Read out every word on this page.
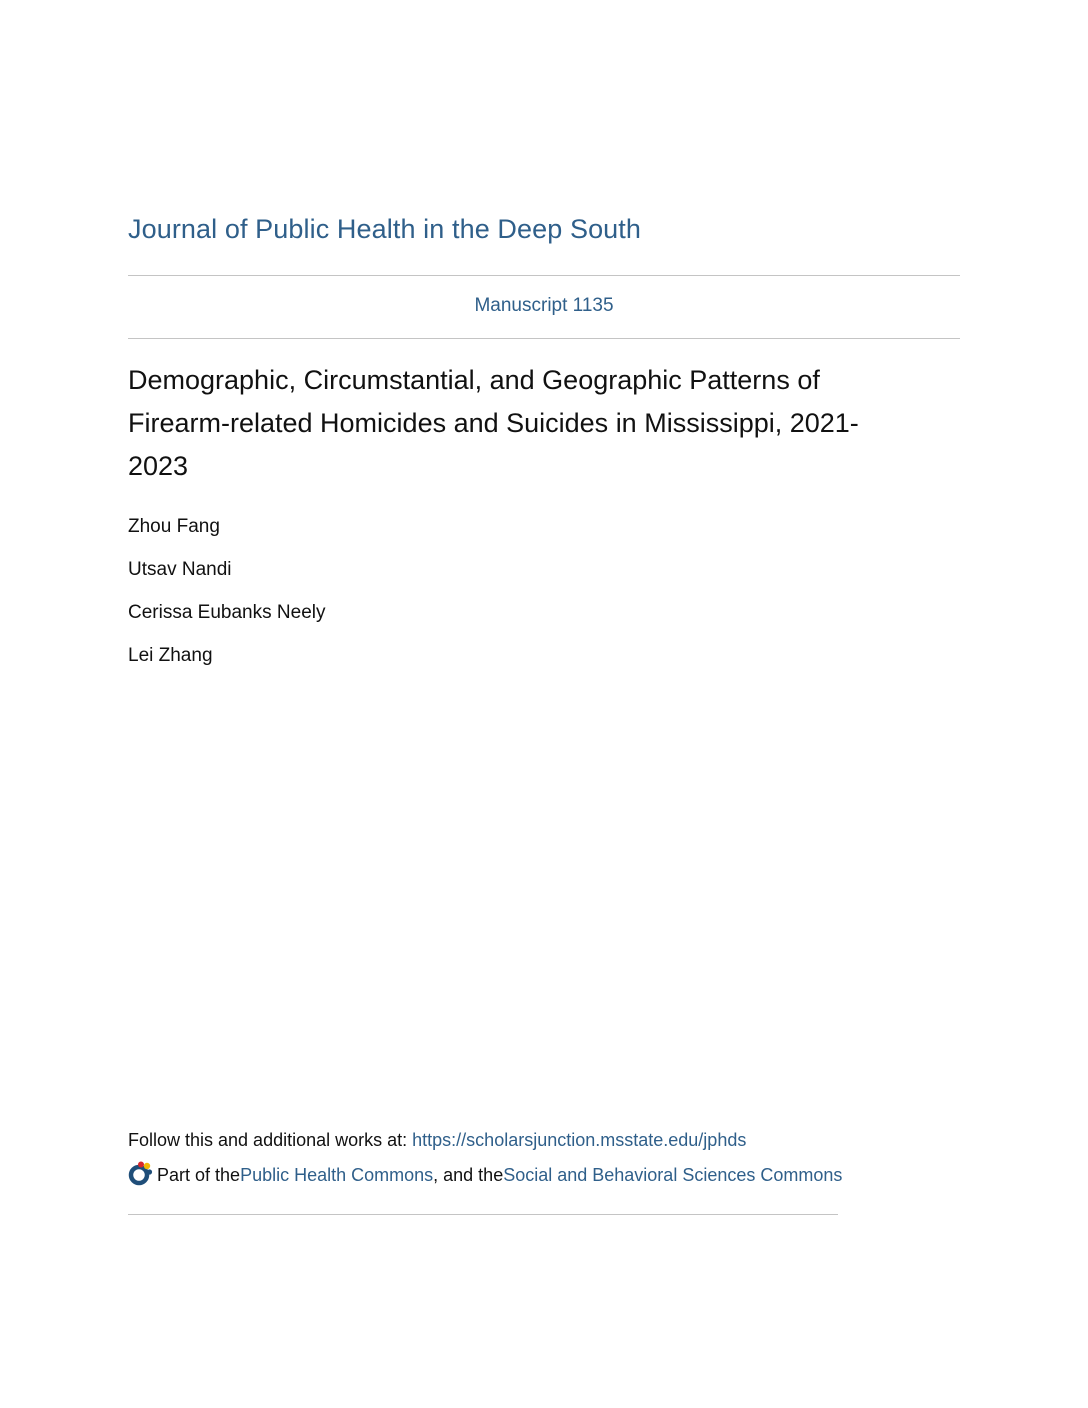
Journal of Public Health in the Deep South
Manuscript 1135
Demographic, Circumstantial, and Geographic Patterns of Firearm-related Homicides and Suicides in Mississippi, 2021-2023
Zhou Fang
Utsav Nandi
Cerissa Eubanks Neely
Lei Zhang
Follow this and additional works at: https://scholarsjunction.msstate.edu/jphds
Part of the Public Health Commons , and the Social and Behavioral Sciences Commons
